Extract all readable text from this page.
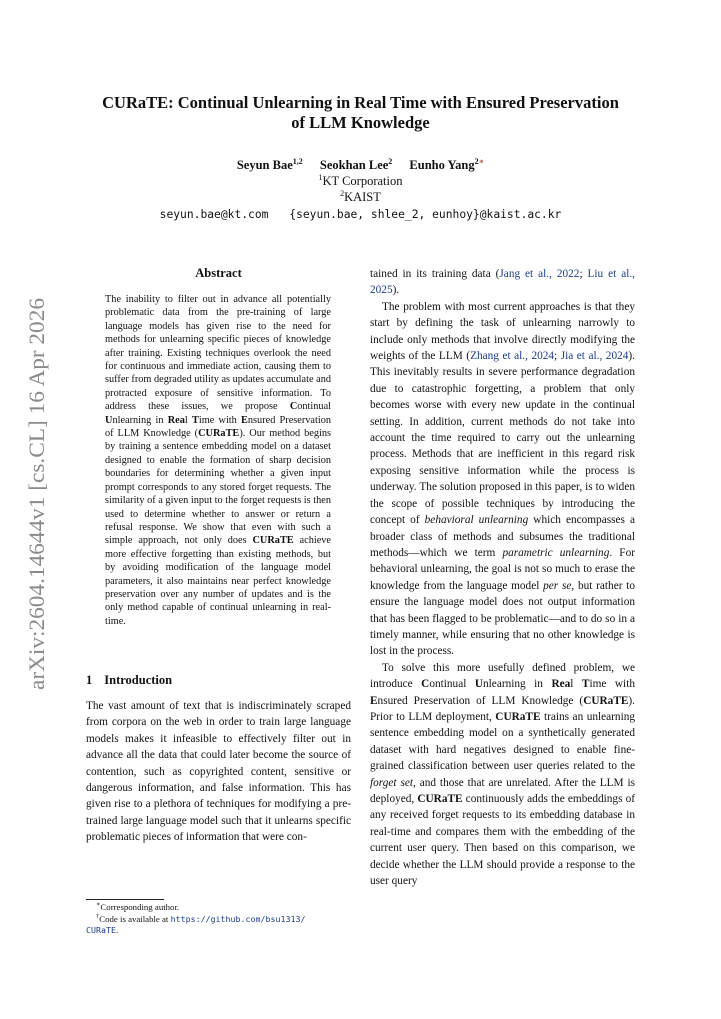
arXiv:2604.14644v1 [cs.CL] 16 Apr 2026
CURaTE: Continual Unlearning in Real Time with Ensured Preservation
of LLM Knowledge
Seyun Bae$^{1,2}$ Seokhan Lee$^2$ Eunho Yang$^{2∗}$
$^1$KT Corporation
$^2$KAIST
seyun.bae@kt.com {seyun.bae, shlee_2, eunhoy}@kaist.ac.kr
Abstract

The inability to filter out in advance all potentially problematic data from the pre-training of large language models has given rise to the need for methods for unlearning specific pieces of knowledge after training. Existing techniques overlook the need for continuous and immediate action, causing them to suffer from degraded utility as updates accumulate and protracted exposure of sensitive information. To address these issues, we propose Continual Unlearning in Real Time with Ensured Preservation of LLM Knowledge (CURaTE). Our method begins by training a sentence embedding model on a dataset designed to enable the formation of sharp decision boundaries for determining whether a given input prompt corresponds to any stored forget requests. The similarity of a given input to the forget requests is then used to determine whether to answer or return a refusal response. We show that even with such a simple approach, not only does CURaTE achieve more effective forgetting than existing methods, but by avoiding modification of the language model parameters, it also maintains near perfect knowledge preservation over any number of updates and is the only method capable of continual unlearning in real-time.

1 Introduction

The vast amount of text that is indiscriminately scraped from corpora on the web in order to train large language models makes it infeasible to effectively filter out in advance all the data that could later become the source of contention, such as copyrighted content, sensitive or dangerous information, and false information. This has given rise to a plethora of techniques for modifying a pre-trained large language model such that it unlearns specific problematic pieces of information that were con-

tained in its training data (Jang et al., 2022; Liu et al., 2025).

The problem with most current approaches is that they start by defining the task of unlearning narrowly to include only methods that involve directly modifying the weights of the LLM (Zhang et al., 2024; Jia et al., 2024). This inevitably results in severe performance degradation due to catastrophic forgetting, a problem that only becomes worse with every new update in the continual setting. In addition, current methods do not take into account the time required to carry out the unlearning process. Methods that are inefficient in this regard risk exposing sensitive information while the process is underway. The solution proposed in this paper, is to widen the scope of possible techniques by introducing the concept of behavioral unlearning which encompasses a broader class of methods and subsumes the traditional methods—which we term parametric unlearning. For behavioral unlearning, the goal is not so much to erase the knowledge from the language model per se, but rather to ensure the language model does not output information that has been flagged to be problematic—and to do so in a timely manner, while ensuring that no other knowledge is lost in the process.

To solve this more usefully defined problem, we introduce Continual Unlearning in Real Time with Ensured Preservation of LLM Knowledge (CURaTE). Prior to LLM deployment, CURaTE trains an unlearning sentence embedding model on a synthetically generated dataset with hard negatives designed to enable fine-grained classification between user queries related to the forget set, and those that are unrelated. After the LLM is deployed, CURaTE continuously adds the embeddings of any received forget requests to its embedding database in real-time and compares them with the embedding of the current user query. Then based on this comparison, we decide whether the LLM should provide a response to the user query

∗Corresponding author.

†Code is available at https://github.com/bsu1313/
CURaTE.
